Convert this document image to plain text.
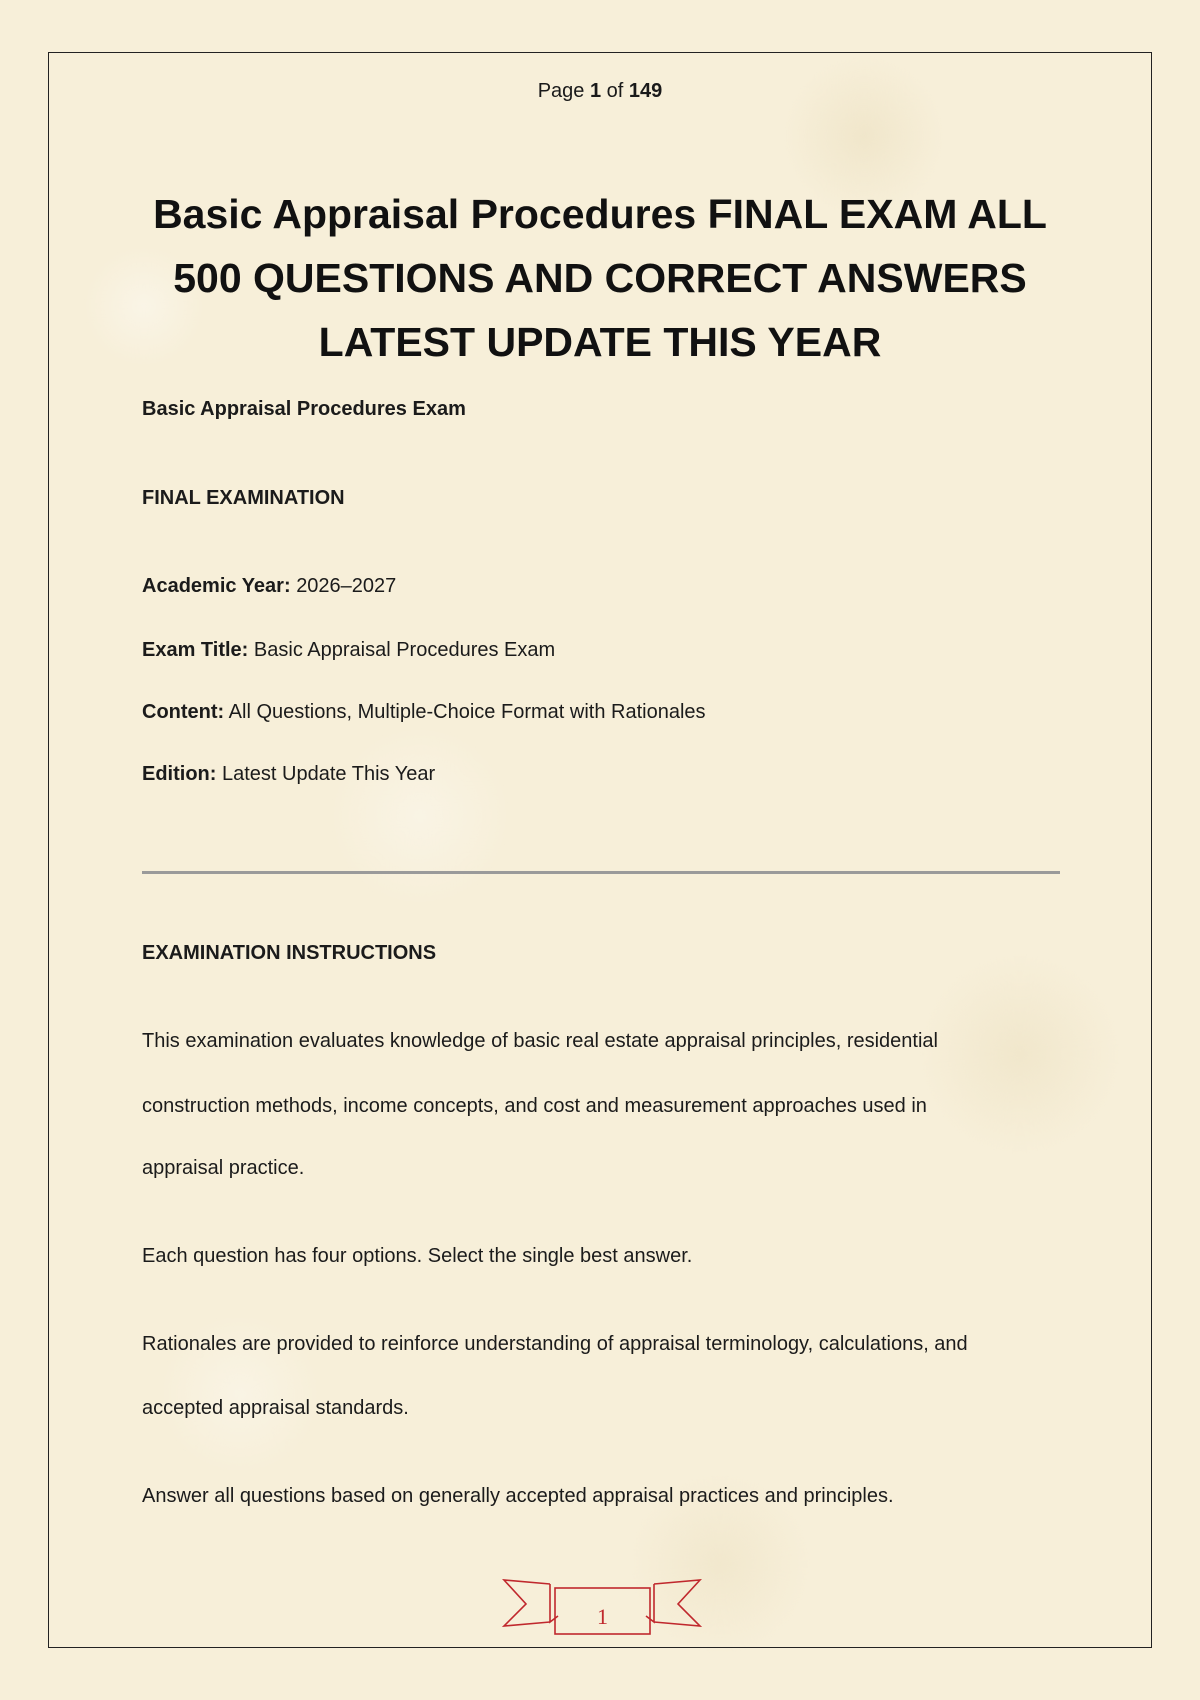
Page 1 of 149
Basic Appraisal Procedures FINAL EXAM ALL
500 QUESTIONS AND CORRECT ANSWERS
LATEST UPDATE THIS YEAR
Basic Appraisal Procedures Exam
FINAL EXAMINATION
Academic Year: 2026–2027
Exam Title: Basic Appraisal Procedures Exam
Content: All Questions, Multiple-Choice Format with Rationales
Edition: Latest Update This Year
EXAMINATION INSTRUCTIONS
This examination evaluates knowledge of basic real estate appraisal principles, residential
construction methods, income concepts, and cost and measurement approaches used in
appraisal practice.
Each question has four options. Select the single best answer.
Rationales are provided to reinforce understanding of appraisal terminology, calculations, and
accepted appraisal standards.
Answer all questions based on generally accepted appraisal practices and principles.
1
